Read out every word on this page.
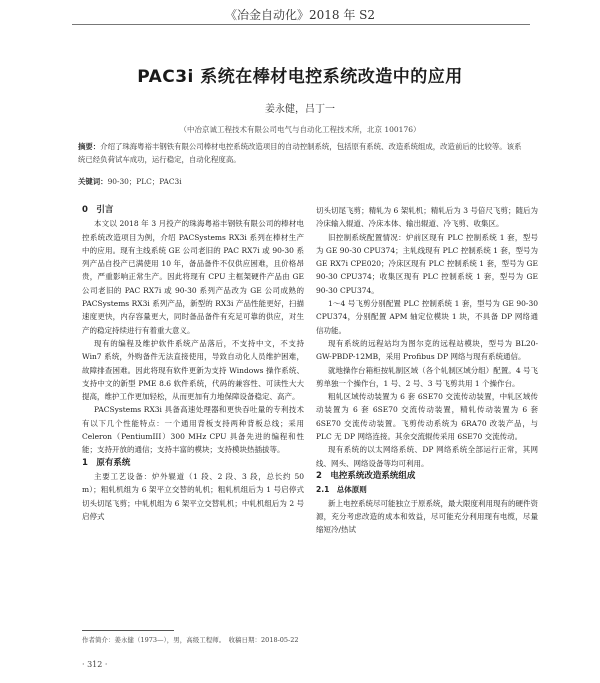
《冶金自动化》2018 年 S2
PAC3i 系统在棒材电控系统改造中的应用
姜永健，吕丁一
（中冶京诚工程技术有限公司电气与自动化工程技术所，北京 100176）
摘要：介绍了珠海粤裕丰钢铁有限公司棒材电控系统改造项目的自动控制系统，包括原有系统、改造系统组成，改造前后的比较等。该系统已经负荷试车成功，运行稳定，自动化程度高。
关键词：90-30；PLC；PAC3i

0　引言

本文以 2018 年 3 月投产的珠海粤裕丰钢铁有限公司的棒材电控系统改造项目为例，介绍 PACSystems RX3i 系列在棒材生产中的应用。现有主线系统 GE 公司老旧的 PAC RX7i 或 90-30 系列产品自投产已满使用 10 年，备品备件不仅供应困难，且价格昂贵，严重影响正常生产。因此将现有 CPU 主框架硬件产品由 GE 公司老旧的 PAC RX7i 或 90-30 系列产品改为 GE 公司成熟的 PACSystems RX3i 系列产品，新型的 RX3i 产品性能更好，扫描速度更快，内存容量更大，同时备品备件有充足可靠的供应，对生产的稳定持续进行有着重大意义。

现有的编程及维护软件系统产品落后，不支持中文，不支持 Win7 系统，外购备件无法直接使用，导致自动化人员维护困难，故障排查困难。因此将现有软件更新为支持 Windows 操作系统、支持中文的新型 PME 8.6 软件系统，代码的兼容性、可读性大大提高，维护工作更加轻松，从而更加有力地保障设备稳定、高产。

PACSystems RX3i 具备高速处理器和更快吞吐量的专利技术有以下几个性能特点：一个通用背板支持两种背板总线；采用 Celeron（PentiumIII）300 MHz CPU 具备先进的编程和性能；支持开放的通信；支持丰富的模块；支持模块热插拔等。

1　原有系统

主要工艺设备：炉外辊道（1 段、2 段、3 段，总长约 50 m）；粗轧机组为 6 架平立交替的轧机；粗轧机组后为 1 号启停式切头切尾飞剪；中轧机组为 6 架平立交替轧机；中轧机组后为 2 号启停式

切头切尾飞剪；精轧为 6 架轧机；精轧后为 3 号倍尺飞剪；随后为冷床输入辊道、冷床本体、输出辊道、冷飞剪、收集区。

旧控制系统配置情况：炉前区现有 PLC 控制系统 1 套，型号为 GE 90-30 CPU374；主轧线现有 PLC 控制系统 1 套，型号为 GE RX7i CPE020；冷床区现有 PLC 控制系统 1 套，型号为 GE 90-30 CPU374；收集区现有 PLC 控制系统 1 套，型号为 GE 90-30 CPU374。

1～4 号飞剪分别配置 PLC 控制系统 1 套，型号为 GE 90-30 CPU374，分别配置 APM 轴定位模块 1 块，不具备 DP 网络通信功能。

现有系统的远程站均为图尔克的远程站模块，型号为 BL20-GW-PBDP-12MB，采用 Profibus DP 网络与现有系统通信。

就地操作台箱柜按轧制区域（各个轧制区域分组）配置。4 号飞剪单独一个操作台，1 号、2 号、3 号飞剪共用 1 个操作台。

粗轧区域传动装置为 6 套 6SE70 交流传动装置，中轧区域传动装置为 6 套 6SE70 交流传动装置，精轧传动装置为 6 套 6SE70 交流传动装置。飞剪传动系统为 6RA70 改装产品，与 PLC 无 DP 网络连接。其余交流辊传采用 6SE70 交流传动。

现有系统的以太网络系统、DP 网络系统全部运行正常，其网线、网头、网络设备等均可利用。

2　电控系统改造系统组成

2.1　总体原则

新上电控系统尽可能独立于原系统，最大限度利用现有的硬件资源，充分考虑改造的成本和效益，尽可能充分利用现有电缆，尽量缩短冷/热试

作者简介：姜永健（1973—），男，高级工程师。　收稿日期：2018-05-22
· 312 ·
